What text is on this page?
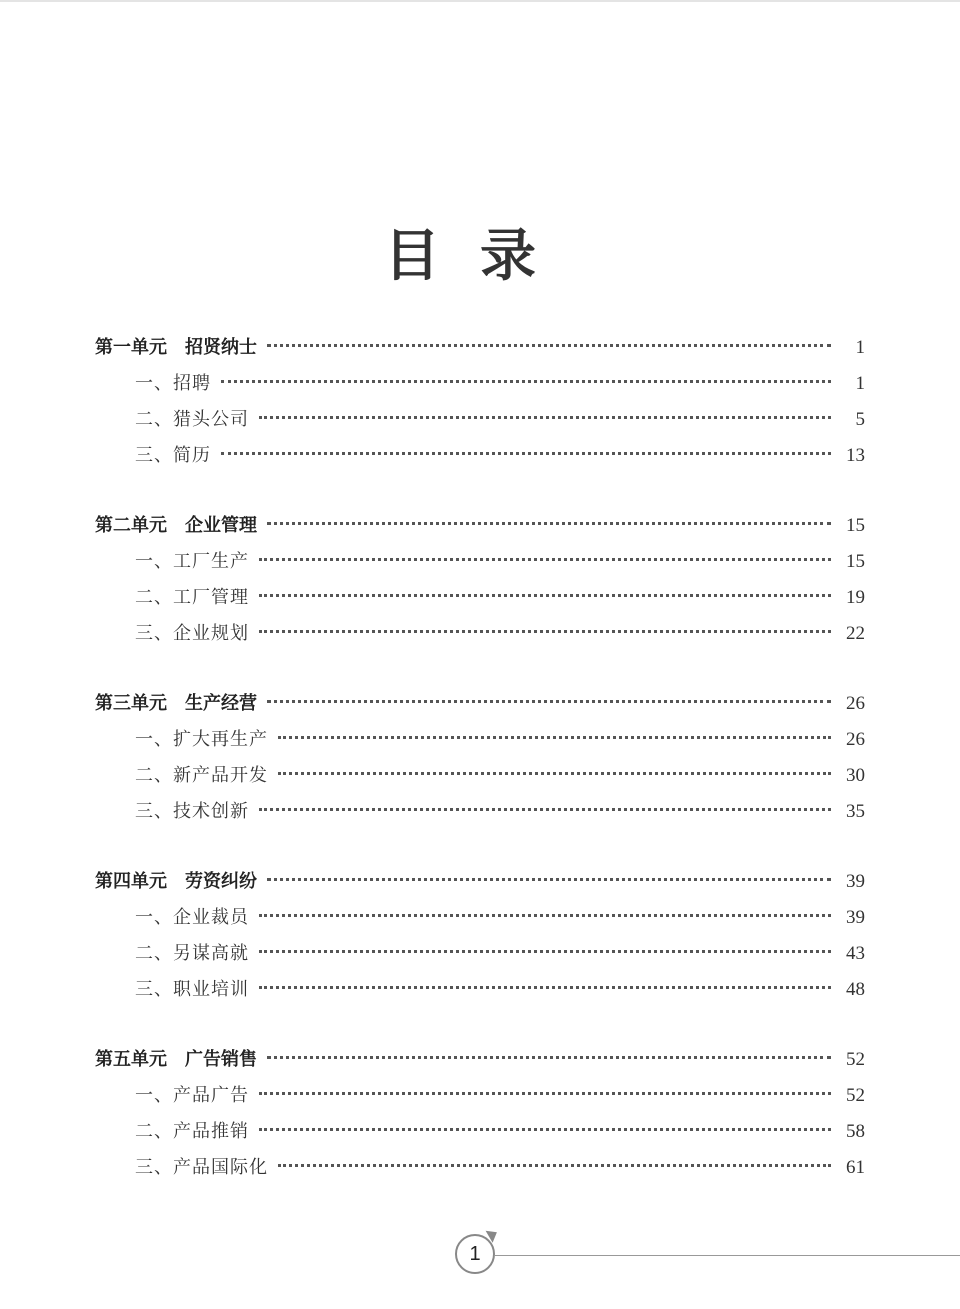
目录
第一单元　招贤纳士	1
一、招聘	1
二、猎头公司	5
三、简历	13
第二单元　企业管理	15
一、工厂生产	15
二、工厂管理	19
三、企业规划	22
第三单元　生产经营	26
一、扩大再生产	26
二、新产品开发	30
三、技术创新	35
第四单元　劳资纠纷	39
一、企业裁员	39
二、另谋高就	43
三、职业培训	48
第五单元　广告销售	52
一、产品广告	52
二、产品推销	58
三、产品国际化	61
1
